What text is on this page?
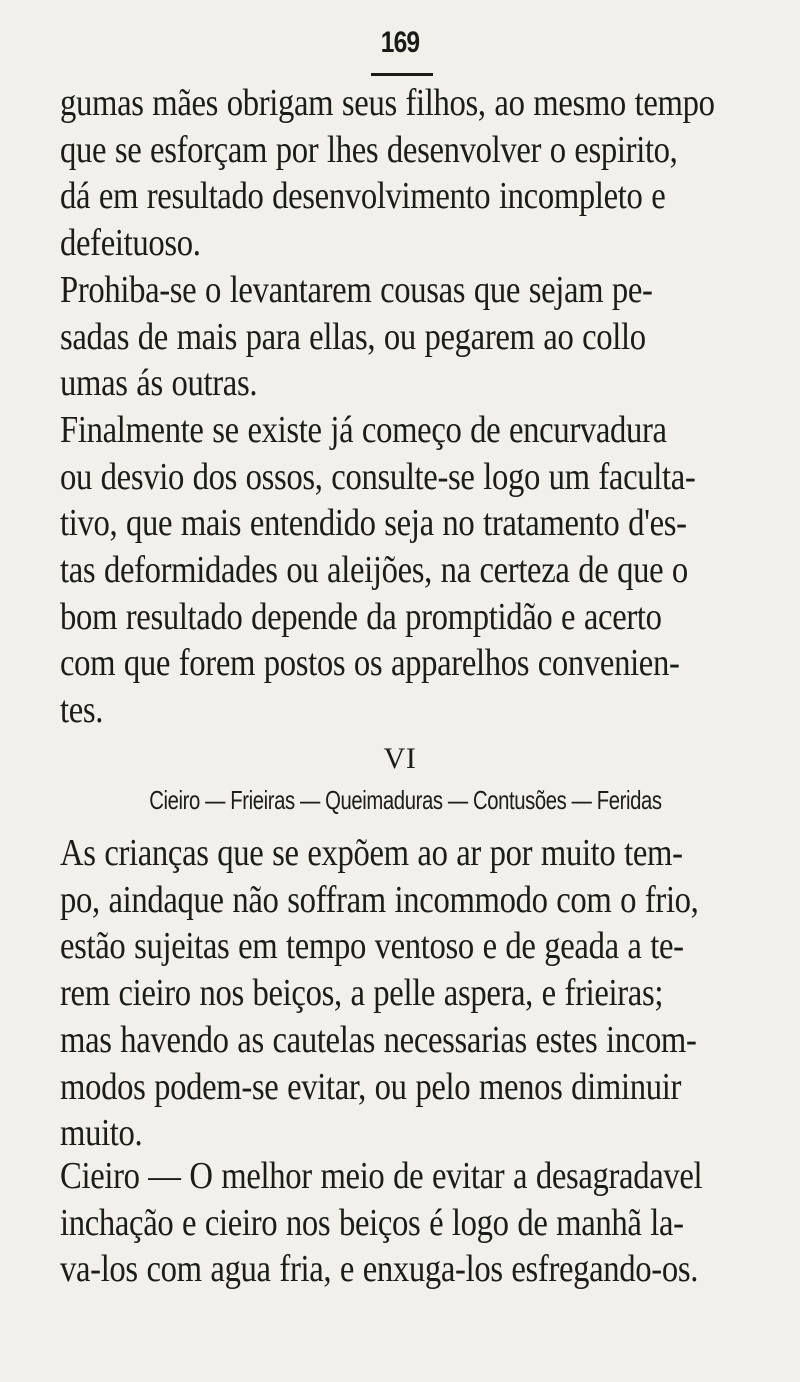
169

gumas mães obrigam seus filhos, ao mesmo tempo
que se esforçam por lhes desenvolver o espirito,
dá em resultado desenvolvimento incompleto e
defeituoso.

Prohiba-se o levantarem cousas que sejam pe-
sadas de mais para ellas, ou pegarem ao collo
umas ás outras.

Finalmente se existe já começo de encurvadura
ou desvio dos ossos, consulte-se logo um faculta-
tivo, que mais entendido seja no tratamento d'es-
tas deformidades ou aleijões, na certeza de que o
bom resultado depende da promptidão e acerto
com que forem postos os apparelhos convenien-
tes.

VI
Cieiro — Frieiras — Queimaduras — Contusões — Feridas

As crianças que se expõem ao ar por muito tem-
po, aindaque não soffram incommodo com o frio,
estão sujeitas em tempo ventoso e de geada a te-
rem cieiro nos beiços, a pelle aspera, e frieiras;
mas havendo as cautelas necessarias estes incom-
modos podem-se evitar, ou pelo menos diminuir
muito.

Cieiro — O melhor meio de evitar a desagradavel
inchação e cieiro nos beiços é logo de manhã la-
va-los com agua fria, e enxuga-los esfregando-os.
